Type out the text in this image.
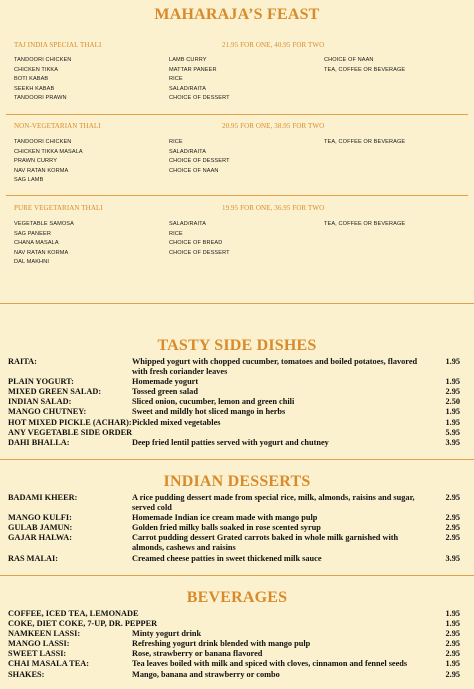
MAHARAJA’S FEAST
TAJ INDIA SPECIAL THALI	21.95 FOR ONE, 40.95 FOR TWO
TANDOORI CHICKEN
CHICKEN TIKKA
BOTI KABAB
SEEKH KABAB
TANDOORI PRAWN
LAMB CURRY
MATTAR PANEER
RICE
SALAD/RAITA
CHOICE OF DESSERT
CHOICE OF NAAN
TEA, COFFEE OR BEVERAGE
NON-VEGETARIAN THALI	20.95 FOR ONE, 38.95 FOR TWO
TANDOORI CHICKEN
CHICKEN TIKKA MASALA
PRAWN CURRY
NAV RATAN KORMA
SAG LAMB
RICE
SALAD/RAITA
CHOICE OF DESSERT
CHOICE OF NAAN
TEA, COFFEE OR BEVERAGE
PURE VEGETARIAN THALI	19.95 FOR ONE, 36.95 FOR TWO
VEGETABLE SAMOSA
SAG PANEER
CHANA MASALA
NAV RATAN KORMA
DAL MAKHNI
SALAD/RAITA
RICE
CHOICE OF BREAD
CHOICE OF DESSERT
TEA, COFFEE OR BEVERAGE
TASTY SIDE DISHES
RAITA:	Whipped yogurt with chopped cucumber, tomatoes and boiled potatoes, flavored with fresh coriander leaves
1.95
PLAIN YOGURT:	Homemade yogurt	1.95
MIXED GREEN SALAD:	Tossed green salad	2.95
INDIAN SALAD:	Sliced onion, cucumber, lemon and green chili	2.50
MANGO CHUTNEY:	Sweet and mildly hot sliced mango in herbs	1.95
HOT MIXED PICKLE (ACHAR): Pickled mixed vegetables	1.95
ANY VEGETABLE SIDE ORDER	5.95
DAHI BHALLA:	Deep fried lentil patties served with yogurt and chutney	3.95
INDIAN DESSERTS
BADAMI KHEER:	A rice pudding dessert made from special rice, milk, almonds, raisins and sugar, served cold
2.95
MANGO KULFI:	Homemade Indian ice cream made with mango pulp	2.95
GULAB JAMUN:	Golden fried milky balls soaked in rose scented syrup	2.95
GAJAR HALWA:	Carrot pudding dessert Grated carrots baked in whole milk garnished with almonds, cashews and raisins
2.95
RAS MALAI:	Creamed cheese patties in sweet thickened milk sauce	3.95
BEVERAGES
COFFEE, ICED TEA, LEMONADE	1.95
COKE, DIET COKE, 7-UP, DR. PEPPER	1.95
NAMKEEN LASSI:	Minty yogurt drink	2.95
MANGO LASSI:	Refreshing yogurt drink blended with mango pulp	2.95
SWEET LASSI:	Rose, strawberry or banana flavored	2.95
CHAI MASALA TEA:	Tea leaves boiled with milk and spiced with cloves, cinnamon and fennel seeds	1.95
SHAKES:	Mango, banana and strawberry or combo	2.95
